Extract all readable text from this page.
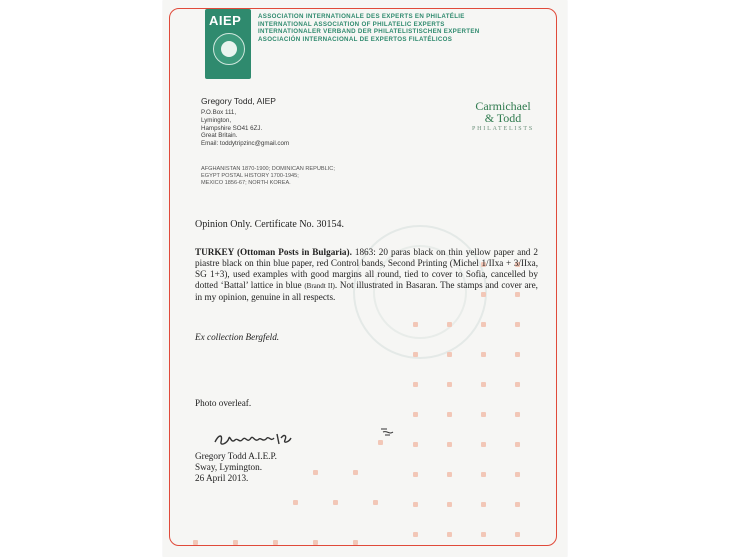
AIEP	ASSOCIATION INTERNATIONALE DES EXPERTS EN PHILATÉLIE
INTERNATIONAL ASSOCIATION OF PHILATELIC EXPERTS
INTERNATIONALER VERBAND DER PHILATELISTISCHEN EXPERTEN
ASOCIACIÓN INTERNACIONAL DE EXPERTOS FILATÉLICOS
Gregory Todd, AIEP
P.O.Box 111,
Lymington,
Hampshire SO41 6ZJ.
Great Britain.
Email: toddytripzinc@gmail.com
AFGHANISTAN 1870-1900; DOMINICAN REPUBLIC;
EGYPT POSTAL HISTORY 1700-1945;
MEXICO 1856-67; NORTH KOREA.
Carmichael
& Todd
PHILATELISTS
Opinion Only. Certificate No. 30154.
TURKEY (Ottoman Posts in Bulgaria). 1863: 20 paras black on thin yellow paper and 2 piastre black on thin blue paper, red Control bands, Second Printing (Michel 1/IIxa + 3/IIxa, SG 1+3), used examples with good margins all round, tied to cover to Sofia, cancelled by dotted ‘Battal’ lattice in blue (Brandt II). Not illustrated in Basaran. The stamps and cover are, in my opinion, genuine in all respects.
Ex collection Bergfeld.
Photo overleaf.
Gregory Todd A.I.E.P.
Sway, Lymington.
26 April 2013.
